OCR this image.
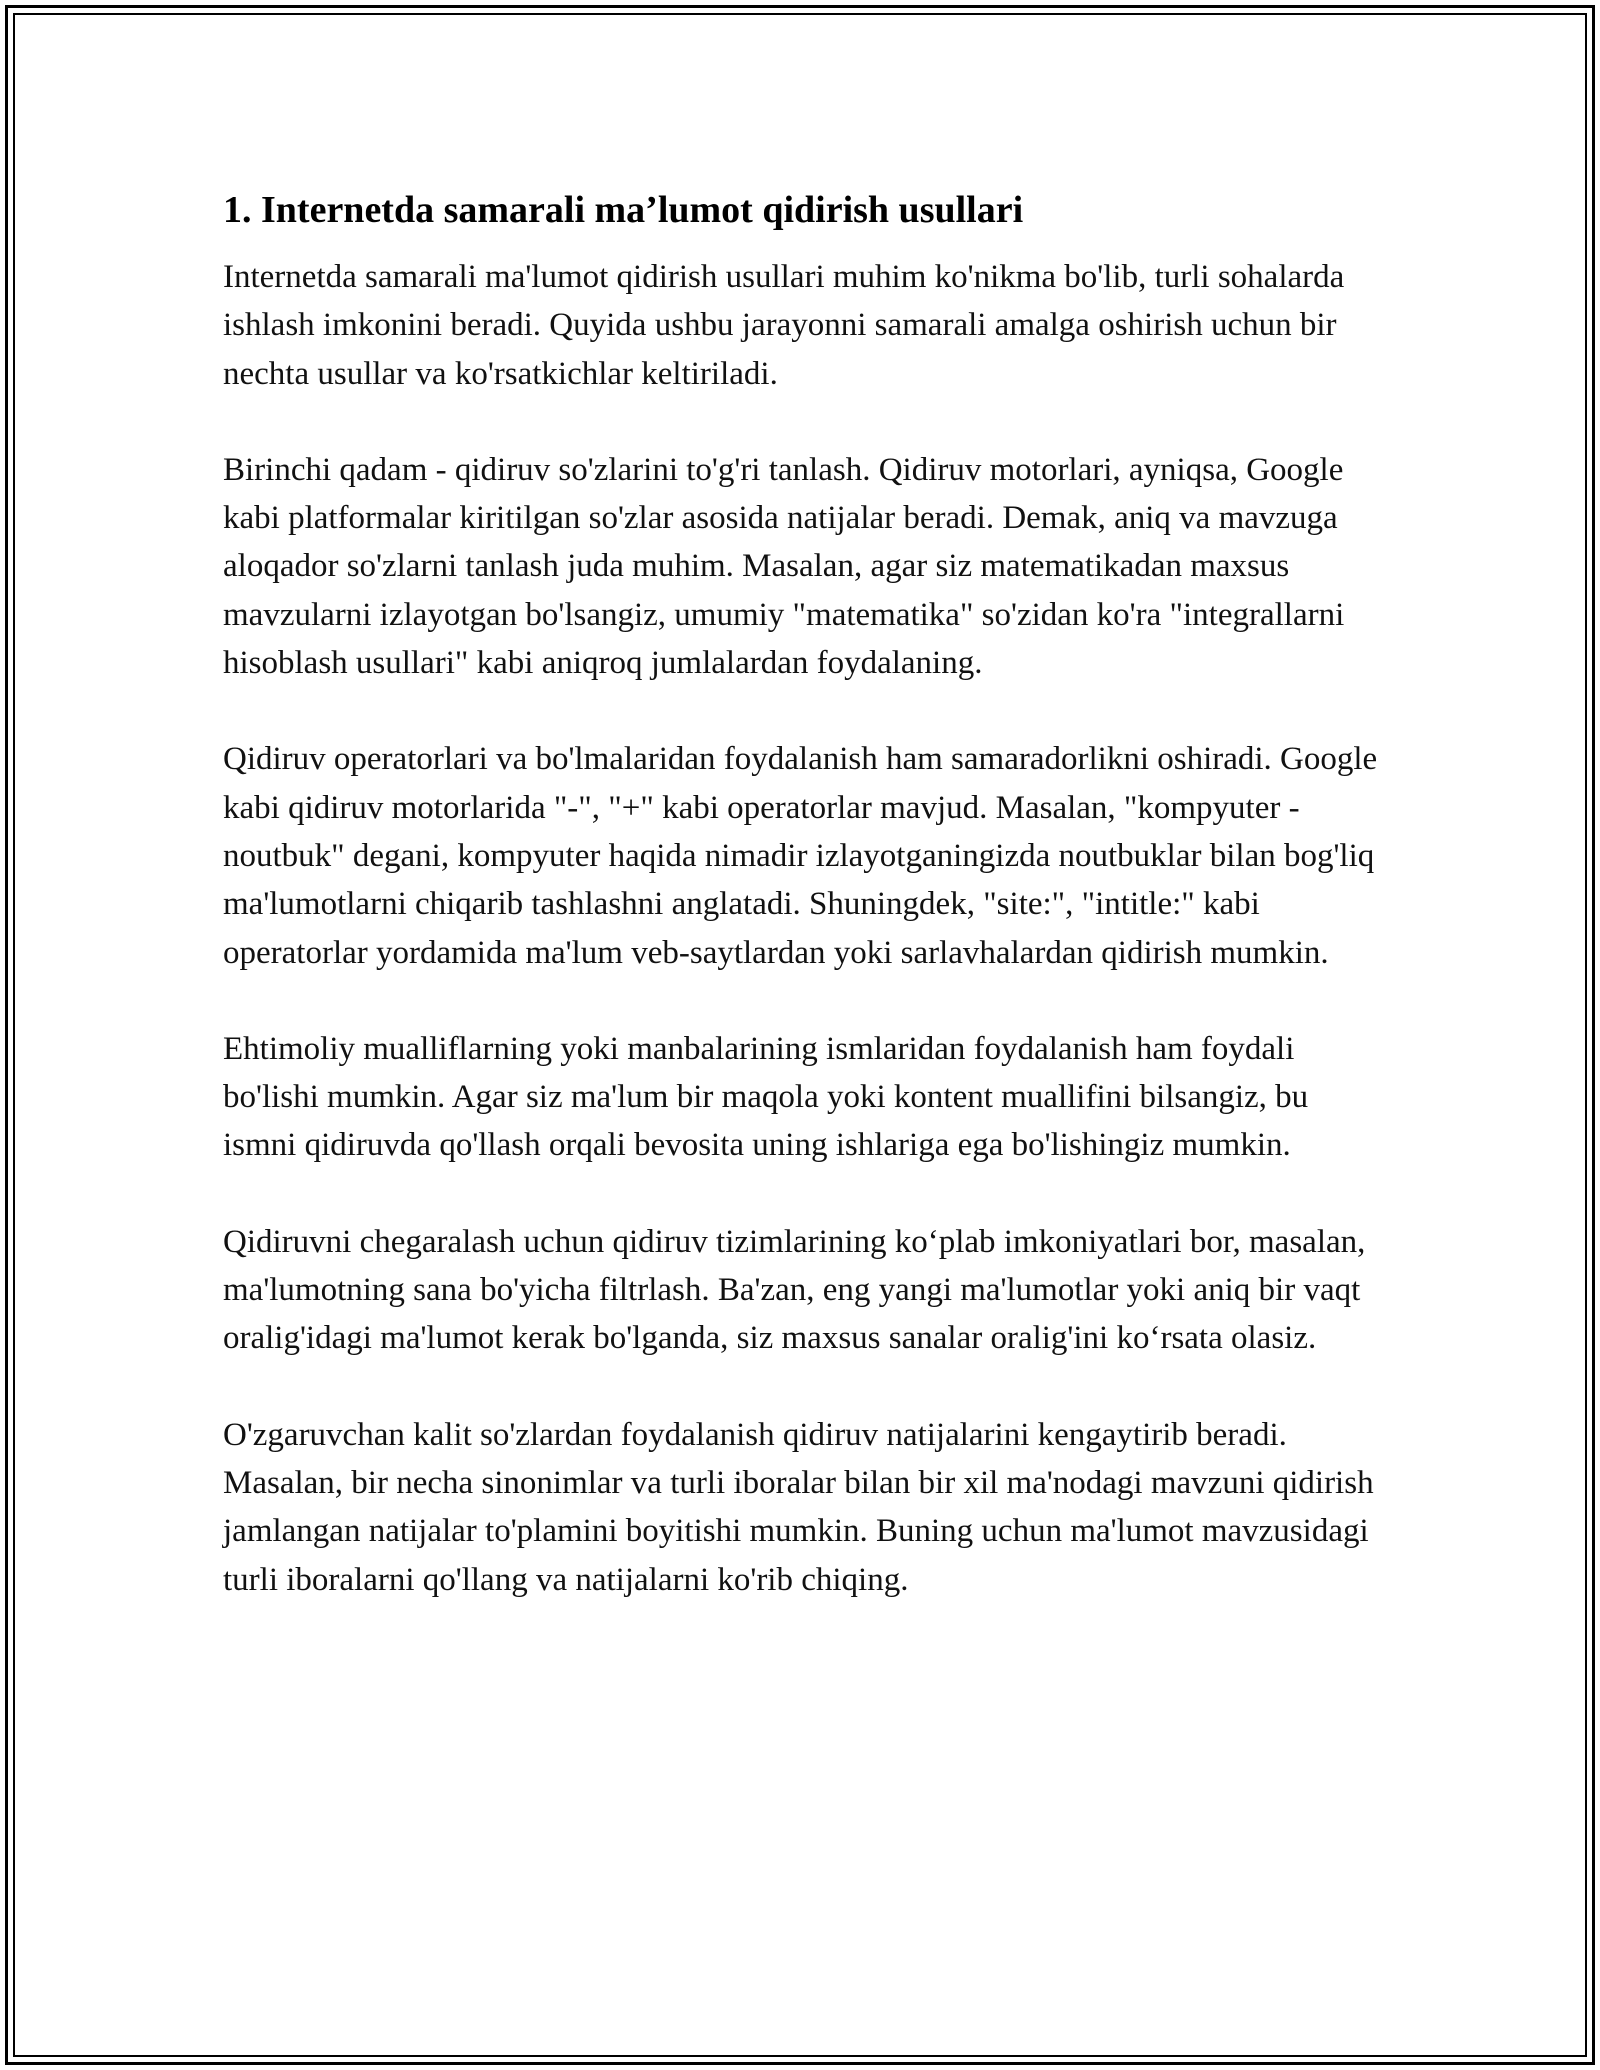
1. Internetda samarali ma’lumot qidirish usullari

Internetda samarali ma'lumot qidirish usullari muhim ko'nikma bo'lib, turli sohalarda ishlash imkonini beradi. Quyida ushbu jarayonni samarali amalga oshirish uchun bir nechta usullar va ko'rsatkichlar keltiriladi.

Birinchi qadam - qidiruv so'zlarini to'g'ri tanlash. Qidiruv motorlari, ayniqsa, Google kabi platformalar kiritilgan so'zlar asosida natijalar beradi. Demak, aniq va mavzuga aloqador so'zlarni tanlash juda muhim. Masalan, agar siz matematikadan maxsus mavzularni izlayotgan bo'lsangiz, umumiy "matematika" so'zidan ko'ra "integrallarni hisoblash usullari" kabi aniqroq jumlalardan foydalaning.

Qidiruv operatorlari va bo'lmalaridan foydalanish ham samaradorlikni oshiradi. Google kabi qidiruv motorlarida "-", "+" kabi operatorlar mavjud. Masalan, "kompyuter -noutbuk" degani, kompyuter haqida nimadir izlayotganingizda noutbuklar bilan bog'liq ma'lumotlarni chiqarib tashlashni anglatadi. Shuningdek, "site:", "intitle:" kabi operatorlar yordamida ma'lum veb-saytlardan yoki sarlavhalardan qidirish mumkin.

Ehtimoliy mualliflarning yoki manbalarining ismlaridan foydalanish ham foydali bo'lishi mumkin. Agar siz ma'lum bir maqola yoki kontent muallifini bilsangiz, bu ismni qidiruvda qo'llash orqali bevosita uning ishlariga ega bo'lishingiz mumkin.

Qidiruvni chegaralash uchun qidiruv tizimlarining ko‘plab imkoniyatlari bor, masalan, ma'lumotning sana bo'yicha filtrlash. Ba'zan, eng yangi ma'lumotlar yoki aniq bir vaqt oralig'idagi ma'lumot kerak bo'lganda, siz maxsus sanalar oralig'ini ko‘rsata olasiz.

O'zgaruvchan kalit so'zlardan foydalanish qidiruv natijalarini kengaytirib beradi. Masalan, bir necha sinonimlar va turli iboralar bilan bir xil ma'nodagi mavzuni qidirish jamlangan natijalar to'plamini boyitishi mumkin. Buning uchun ma'lumot mavzusidagi turli iboralarni qo'llang va natijalarni ko'rib chiqing.
